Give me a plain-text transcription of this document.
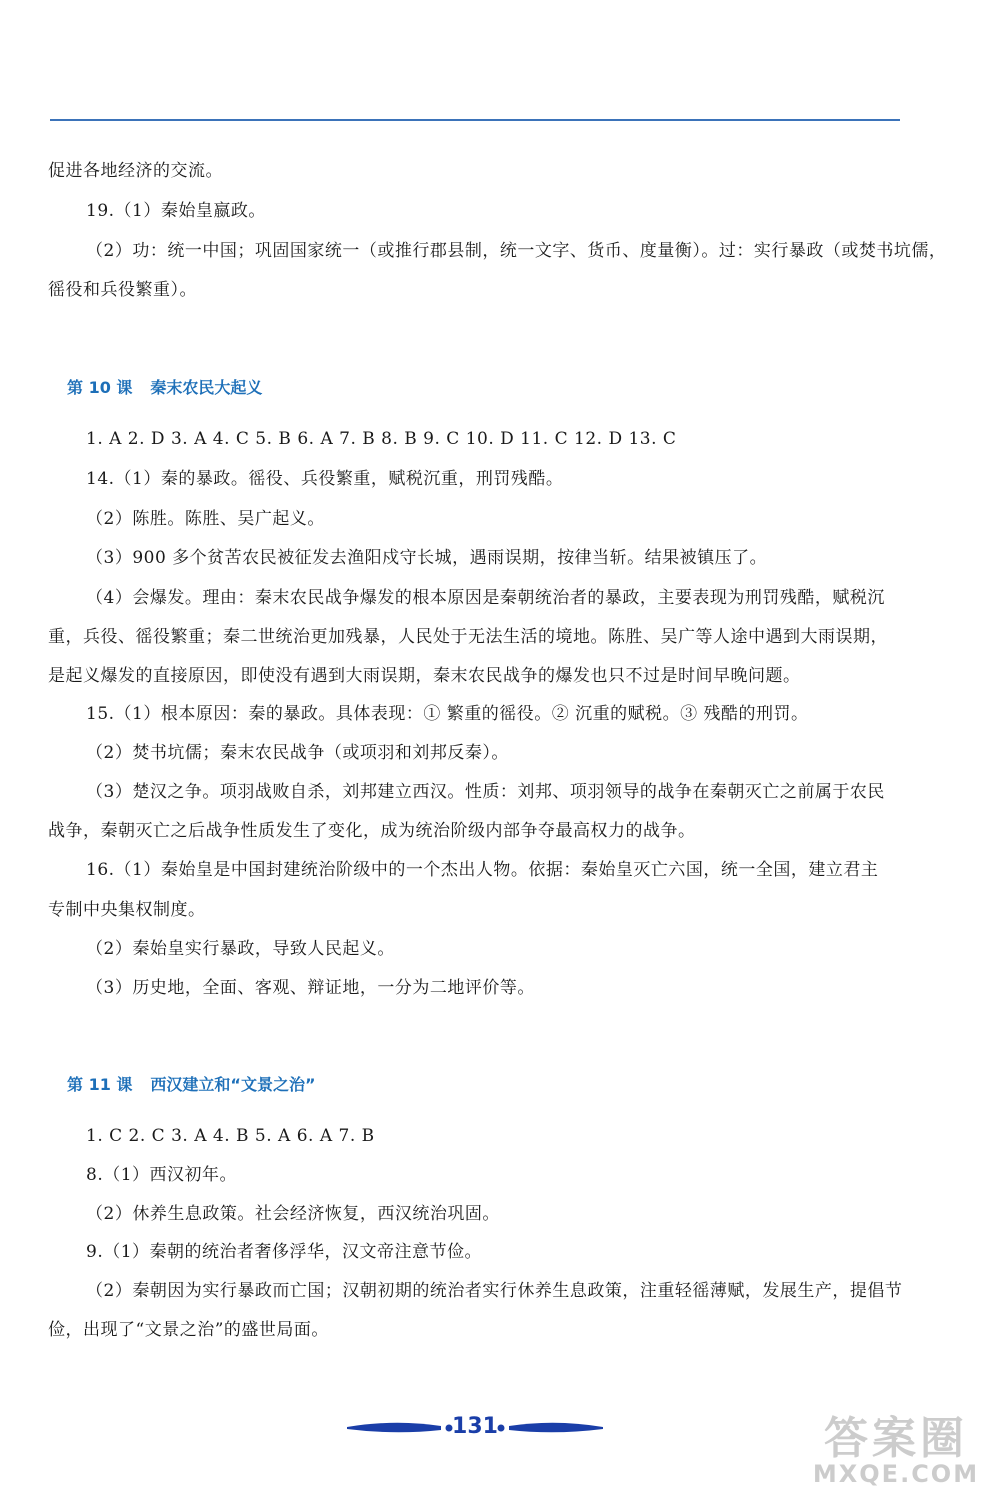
促进各地经济的交流。
19.（1）秦始皇嬴政。
（2）功：统一中国；巩固国家统一（或推行郡县制，统一文字、货币、度量衡）。过：实行暴政（或焚书坑儒，
徭役和兵役繁重）。
第 10 课 秦末农民大起义
1. A 2. D 3. A 4. C 5. B 6. A 7. B 8. B 9. C 10. D 11. C 12. D 13. C
14.（1）秦的暴政。徭役、兵役繁重，赋税沉重，刑罚残酷。
（2）陈胜。陈胜、吴广起义。
（3）900 多个贫苦农民被征发去渔阳戍守长城，遇雨误期，按律当斩。结果被镇压了。
（4）会爆发。理由：秦末农民战争爆发的根本原因是秦朝统治者的暴政，主要表现为刑罚残酷，赋税沉
重，兵役、徭役繁重；秦二世统治更加残暴，人民处于无法生活的境地。陈胜、吴广等人途中遇到大雨误期，
是起义爆发的直接原因，即使没有遇到大雨误期，秦末农民战争的爆发也只不过是时间早晚问题。
15.（1）根本原因：秦的暴政。具体表现：① 繁重的徭役。② 沉重的赋税。③ 残酷的刑罚。
（2）焚书坑儒；秦末农民战争（或项羽和刘邦反秦）。
（3）楚汉之争。项羽战败自杀，刘邦建立西汉。性质：刘邦、项羽领导的战争在秦朝灭亡之前属于农民
战争，秦朝灭亡之后战争性质发生了变化，成为统治阶级内部争夺最高权力的战争。
16.（1）秦始皇是中国封建统治阶级中的一个杰出人物。依据：秦始皇灭亡六国，统一全国，建立君主
专制中央集权制度。
（2）秦始皇实行暴政，导致人民起义。
（3）历史地，全面、客观、辩证地，一分为二地评价等。
第 11 课 西汉建立和“文景之治”
1. C 2. C 3. A 4. B 5. A 6. A 7. B
8.（1）西汉初年。
（2）休养生息政策。社会经济恢复，西汉统治巩固。
9.（1）秦朝的统治者奢侈浮华，汉文帝注意节俭。
（2）秦朝因为实行暴政而亡国；汉朝初期的统治者实行休养生息政策，注重轻徭薄赋，发展生产，提倡节
俭，出现了“文景之治”的盛世局面。
131	答案圈
MXQE.COM
